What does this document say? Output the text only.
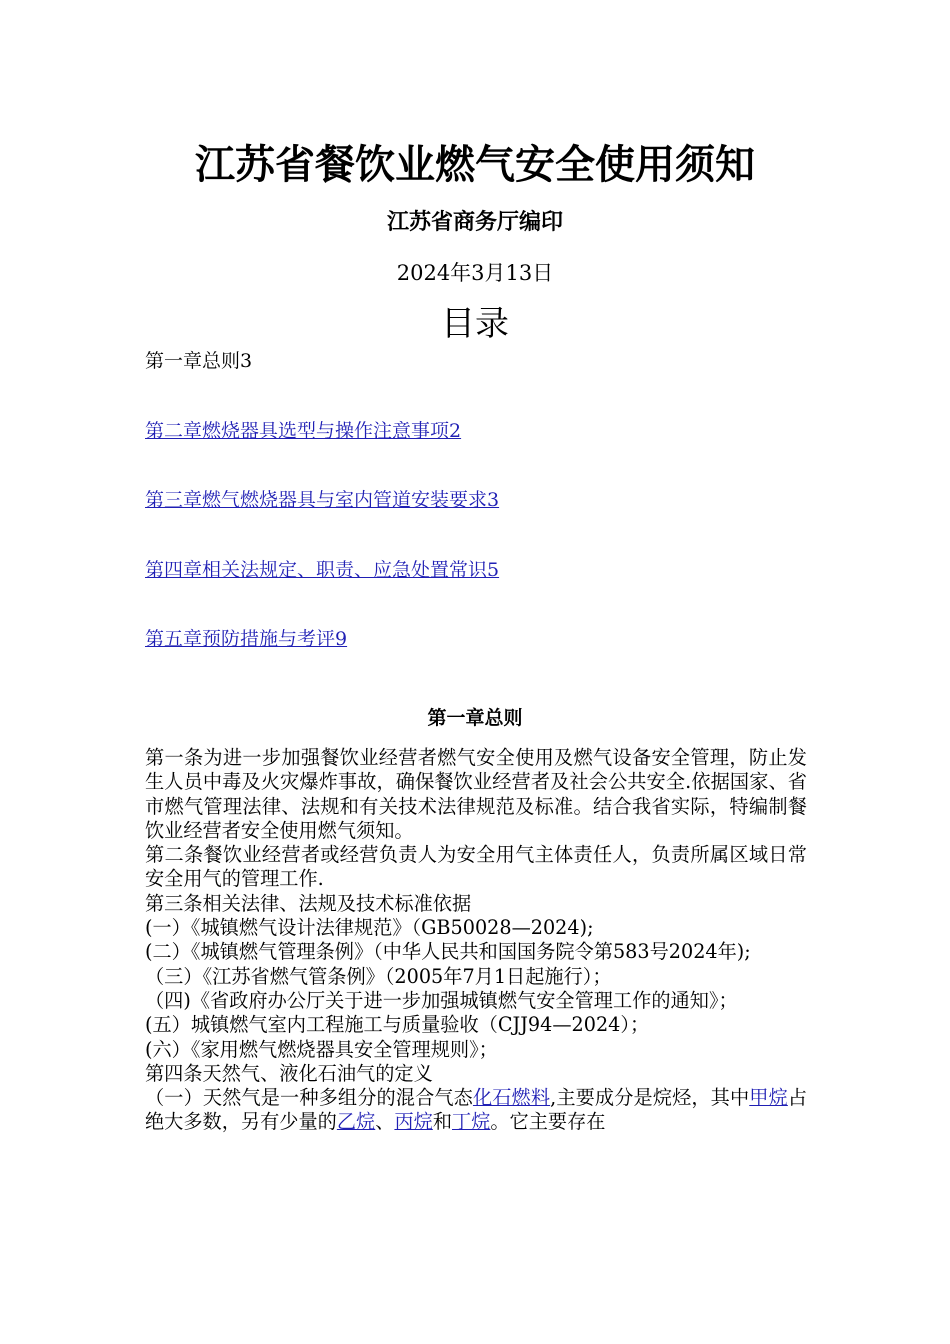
江苏省餐饮业燃气安全使用须知
江苏省商务厅编印
2024年3月13日
目录
第一章总则3
第二章燃烧器具选型与操作注意事项2
第三章燃气燃烧器具与室内管道安装要求3
第四章相关法规定、职责、应急处置常识5
第五章预防措施与考评9
第一章总则

第一条为进一步加强餐饮业经营者燃气安全使用及燃气设备安全管理，防止发生人员中毒及火灾爆炸事故，确保餐饮业经营者及社会公共安全.依据国家、省市燃气管理法律、法规和有关技术法律规范及标准。结合我省实际，特编制餐饮业经营者安全使用燃气须知。

第二条餐饮业经营者或经营负责人为安全用气主体责任人，负责所属区域日常安全用气的管理工作.

第三条相关法律、法规及技术标准依据

(一）《城镇燃气设计法律规范》（GB50028—2024);

(二）《城镇燃气管理条例》（中华人民共和国国务院令第583号2024年);

（三）《江苏省燃气管条例》（2005年7月1日起施行）；

（四)《省政府办公厅关于进一步加强城镇燃气安全管理工作的通知》；

(五）城镇燃气室内工程施工与质量验收（CJJ94—2024）；

(六）《家用燃气燃烧器具安全管理规则》；

第四条天然气、液化石油气的定义

（一）天然气是一种多组分的混合气态化石燃料,主要成分是烷烃，其中甲烷占绝大多数，另有少量的乙烷、丙烷和丁烷。它主要存在
